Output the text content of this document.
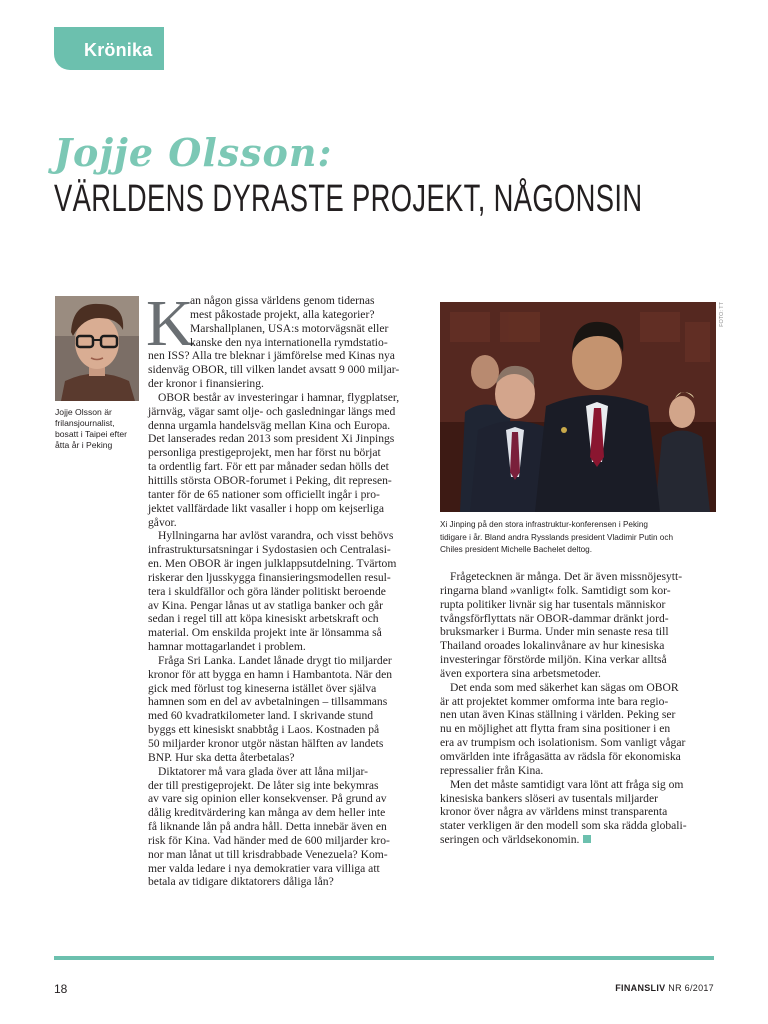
Krönika
Jojje Olsson:
VÄRLDENS DYRASTE PROJEKT, NÅGONSIN
Jojje Olsson är
frilansjournalist,
bosatt i Taipei efter
åtta år i Peking
K
an någon gissa världens genom tidernas
mest påkostade projekt, alla kategorier?
Marshallplanen, USA:s motorvägsnät eller
kanske den nya internationella rymdstatio-
nen ISS? Alla tre bleknar i jämförelse med Kinas nya
sidenväg OBOR, till vilken landet avsatt 9 000 miljar-
der kronor i finansiering.
OBOR består av investeringar i hamnar, flygplatser,
järnväg, vägar samt olje- och gasledningar längs med
denna urgamla handelsväg mellan Kina och Europa.
Det lanserades redan 2013 som president Xi Jinpings
personliga prestigeprojekt, men har först nu börjat
ta ordentlig fart. För ett par månader sedan hölls det
hittills största OBOR-forumet i Peking, dit represen-
tanter för de 65 nationer som officiellt ingår i pro-
jektet vallfärdade likt vasaller i hopp om kejserliga
gåvor.
Hyllningarna har avlöst varandra, och visst behövs
infrastruktursatsningar i Sydostasien och Centralasi-
en. Men OBOR är ingen julklappsutdelning. Tvärtom
riskerar den ljusskygga finansieringsmodellen resul-
tera i skuldfällor och göra länder politiskt beroende
av Kina. Pengar lånas ut av statliga banker och går
sedan i regel till att köpa kinesiskt arbetskraft och
material. Om enskilda projekt inte är lönsamma så
hamnar mottagarlandet i problem.
Fråga Sri Lanka. Landet lånade drygt tio miljarder
kronor för att bygga en hamn i Hambantota. När den
gick med förlust tog kineserna istället över själva
hamnen som en del av avbetalningen – tillsammans
med 60 kvadratkilometer land. I skrivande stund
byggs ett kinesiskt snabbtåg i Laos. Kostnaden på
50 miljarder kronor utgör nästan hälften av landets
BNP. Hur ska detta återbetalas?
Diktatorer må vara glada över att låna miljar-
der till prestigeprojekt. De låter sig inte bekymras
av vare sig opinion eller konsekvenser. På grund av
dålig kreditvärdering kan många av dem heller inte
få liknande lån på andra håll. Detta innebär även en
risk för Kina. Vad händer med de 600 miljarder kro-
nor man lånat ut till krisdrabbade Venezuela? Kom-
mer valda ledare i nya demokratier vara villiga att
betala av tidigare diktatorers dåliga lån?
FOTO: TT
Xi Jinping på den stora infrastruktur-konferensen i Peking
tidigare i år. Bland andra Rysslands president Vladimir Putin och
Chiles president Michelle Bachelet deltog.
Frågetecknen är många. Det är även missnöjesytt-
ringarna bland »vanligt« folk. Samtidigt som kor-
rupta politiker livnär sig har tusentals människor
tvångsförflyttats när OBOR-dammar dränkt jord-
bruksmarker i Burma. Under min senaste resa till
Thailand oroades lokalinvånare av hur kinesiska
investeringar förstörde miljön. Kina verkar alltså
även exportera sina arbetsmetoder.
Det enda som med säkerhet kan sägas om OBOR
är att projektet kommer omforma inte bara regio-
nen utan även Kinas ställning i världen. Peking ser
nu en möjlighet att flytta fram sina positioner i en
era av trumpism och isolationism. Som vanligt vågar
omvärlden inte ifrågasätta av rädsla för ekonomiska
repressalier från Kina.
Men det måste samtidigt vara lönt att fråga sig om
kinesiska bankers slöseri av tusentals miljarder
kronor över några av världens minst transparenta
stater verkligen är den modell som ska rädda globali-
seringen och världsekonomin.
18	FINANSLIV NR 6/2017
